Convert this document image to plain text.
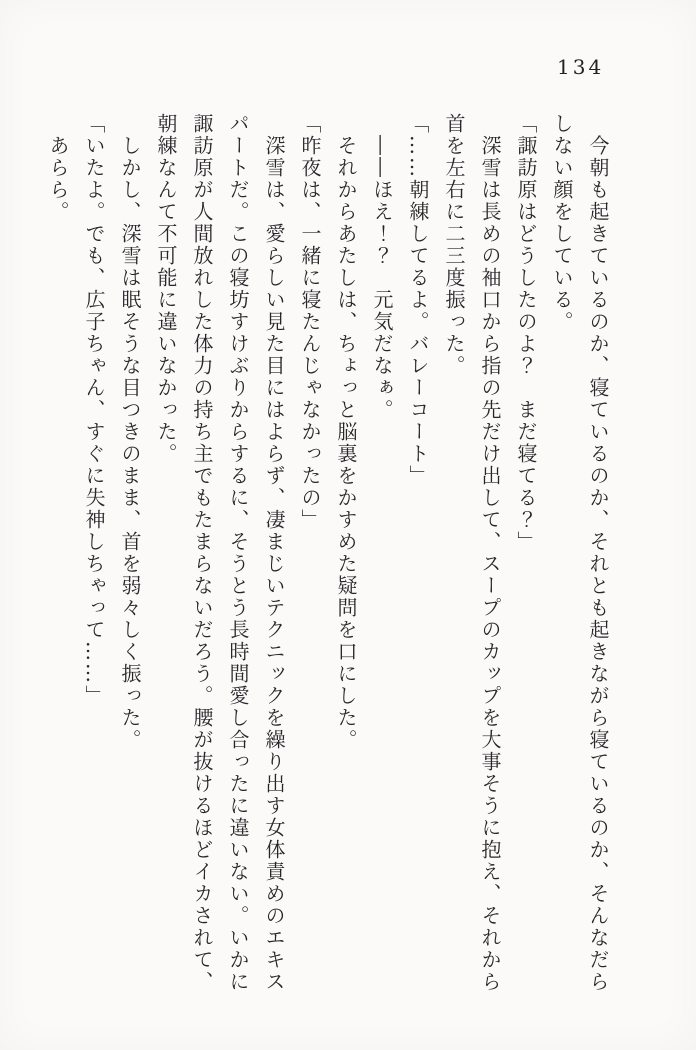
134

　今朝も起きているのか、寝ているのか、それとも起きながら寝ているのか、そんなだら

しない顔をしている。

「諏訪原はどうしたのよ？　まだ寝てる？」

　深雪は長めの袖口から指の先だけ出して、スープのカップを大事そうに抱え、それから

首を左右に二三度振った。

「……朝練してるよ。バレーコート」

　――ほえ！？　元気だなぁ。

　それからあたしは、ちょっと脳裏をかすめた疑問を口にした。

「昨夜は、一緒に寝たんじゃなかったの」

　深雪は、愛らしい見た目にはよらず、凄まじいテクニックを繰り出す女体責めのエキス

パートだ。この寝坊すけぶりからするに、そうとう長時間愛し合ったに違いない。いかに

諏訪原が人間放れした体力の持ち主でもたまらないだろう。腰が抜けるほどイカされて、

朝練なんて不可能に違いなかった。

　しかし、深雪は眠そうな目つきのまま、首を弱々しく振った。

「いたよ。でも、広子ちゃん、すぐに失神しちゃって……」

　あらら。
